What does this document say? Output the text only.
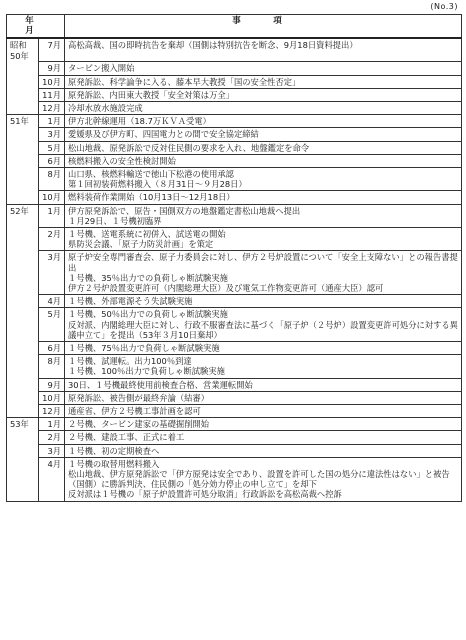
(No.3)
年　月		事　項
昭和
50年	7月	高松高裁、国の即時抗告を棄却（国側は特別抗告を断念、9月18日資料提出）
	9月	タービン搬入開始
	10月	原発訴訟、科学論争に入る、藤本早大教授「国の安全性否定」
	11月	原発訴訟、内田東大教授「安全対策は万全」
	12月	冷却水放水施設完成
51年	1月	伊方北幹線運用（18.7万ＫＶＡ受電）
	3月	愛媛県及び伊方町、四国電力との間で安全協定締結
	5月	松山地裁、原発訴訟で反対住民側の要求を入れ、地盤鑑定を命令
	6月	核燃料搬入の安全性検討開始
	8月	山口県、核燃料輸送で徳山下松港の使用承認
第１回初装荷燃料搬入（８月31日〜９月28日）
	10月	燃料装荷作業開始（10月13日〜12月18日）
52年	1月	伊方原発訴訟で、原告・国側双方の地盤鑑定書松山地裁へ提出
１月29日、１号機初臨界
	2月	１号機、送電系統に初併入、試送電の開始
県防災会議、「原子力防災計画」を策定
	3月	原子炉安全専門審査会、原子力委員会に対し、伊方２号炉設置について「安全上支障ない」との報告書提出
１号機、35％出力での負荷しゃ断試験実施
伊方２号炉設置変更許可（内閣総理大臣）及び電気工作物変更許可（通産大臣）認可
	4月	１号機、外部電源そう失試験実施
	5月	１号機、50％出力での負荷しゃ断試験実施
反対派、内閣総理大臣に対し、行政不服審査法に基づく「原子炉（２号炉）設置変更許可処分に対する異議申立て」を提出（53年３月10日棄却）
	6月	１号機、75％出力で負荷しゃ断試験実施
	8月	１号機、試運転。出力100％到達
１号機、100％出力で負荷しゃ断試験実施
	9月	30日、１号機最終使用前検査合格、営業運転開始
	10月	原発訴訟、被告側が最終弁論（結審）
	12月	通産省、伊方２号機工事計画を認可
53年	1月	２号機、タービン建家の基礎掘削開始
	2月	２号機、建設工事、正式に着工
	3月	１号機、初の定期検査へ
	4月	１号機の取替用燃料搬入
松山地裁、伊方原発訴訟で「伊方原発は安全であり、設置を許可した国の処分に違法性はない」と被告（国側）に勝訴判決、住民側の「処分効力停止の申し立て」を却下
反対派は１号機の「原子炉設置許可処分取消」行政訴訟を高松高裁へ控訴
